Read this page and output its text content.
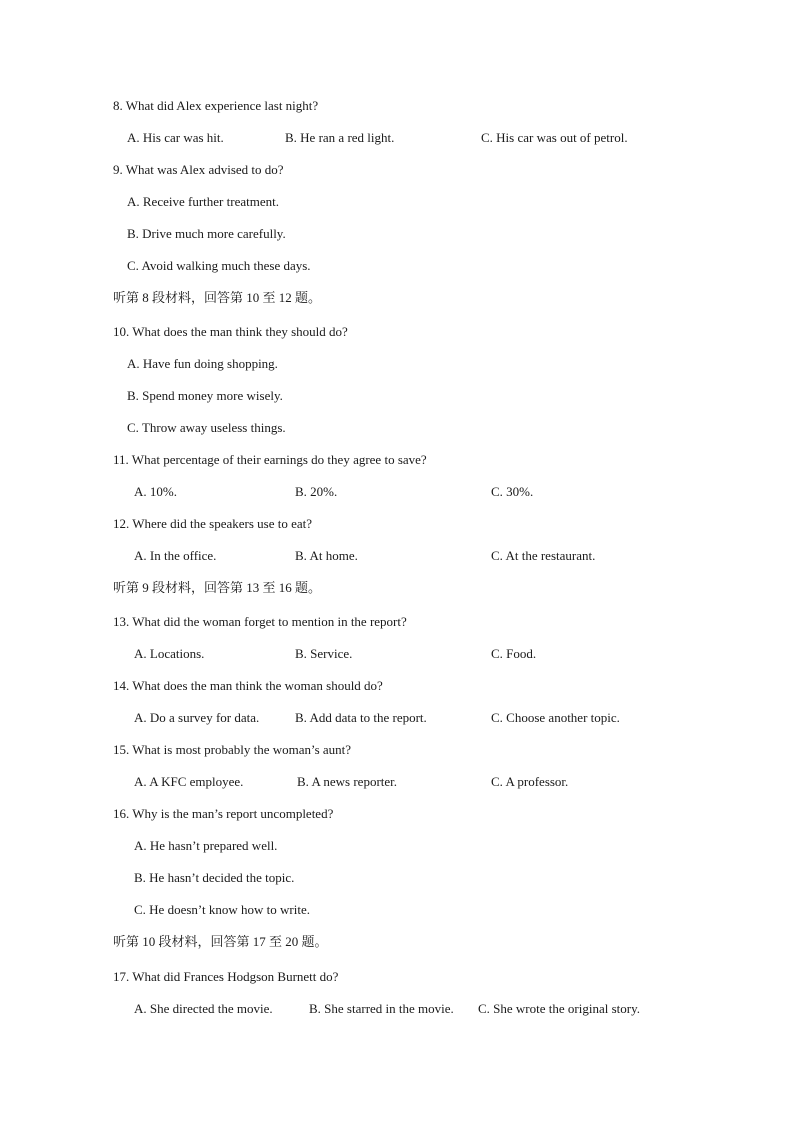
8. What did Alex experience last night?
A. His car was hit.	B. He ran a red light.	C. His car was out of petrol.
9. What was Alex advised to do?
A. Receive further treatment.
B. Drive much more carefully.
C. Avoid walking much these days.
听第 8 段材料，回答第 10 至 12 题。
10. What does the man think they should do?
A. Have fun doing shopping.
B. Spend money more wisely.
C. Throw away useless things.
11. What percentage of their earnings do they agree to save?
A. 10%.	B. 20%.	C. 30%.
12. Where did the speakers use to eat?
A. In the office.	B. At home.	C. At the restaurant.
听第 9 段材料，回答第 13 至 16 题。
13. What did the woman forget to mention in the report?
A. Locations.	B. Service.	C. Food.
14. What does the man think the woman should do?
A. Do a survey for data.	B. Add data to the report.	C. Choose another topic.
15. What is most probably the woman’s aunt?
A. A KFC employee.	B. A news reporter.	C. A professor.
16. Why is the man’s report uncompleted?
A. He hasn’t prepared well.
B. He hasn’t decided the topic.
C. He doesn’t know how to write.
听第 10 段材料，回答第 17 至 20 题。
17. What did Frances Hodgson Burnett do?
A. She directed the movie.	B. She starred in the movie. C. She wrote the original story.
